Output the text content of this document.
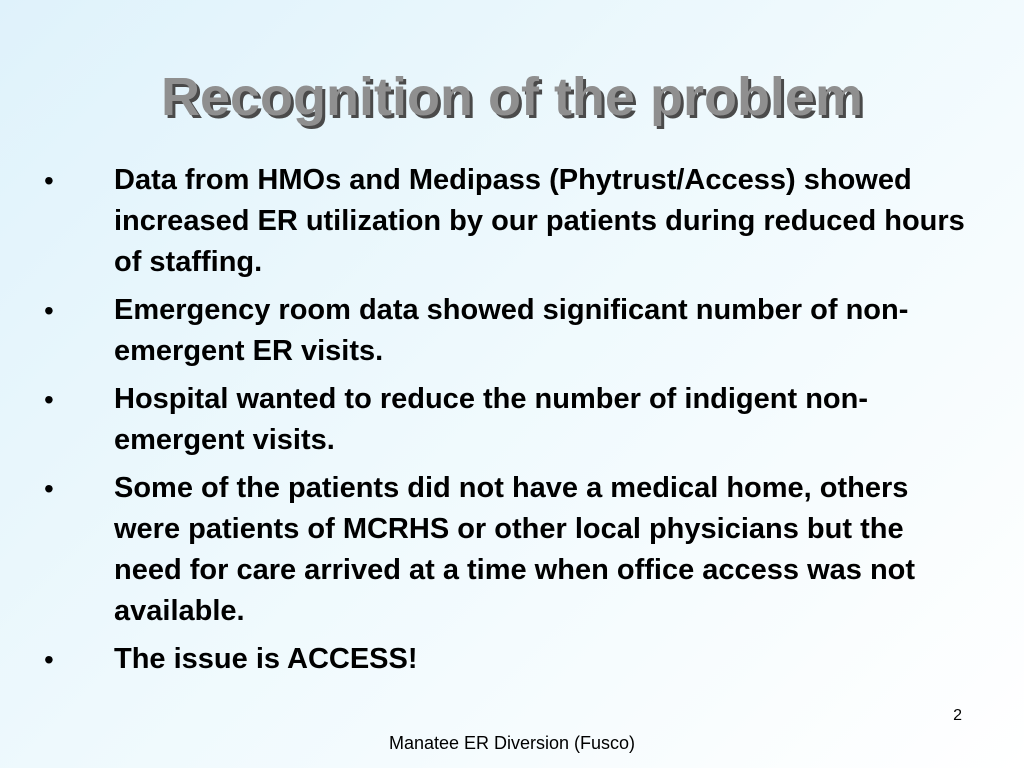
Recognition of the problem
• Data from HMOs and Medipass (Phytrust/Access) showed increased ER utilization by our patients during reduced hours of staffing.
• Emergency room data showed significant number of non-emergent ER visits.
• Hospital wanted to reduce the number of indigent non-emergent visits.
• Some of the patients did not have a medical home, others were patients of MCRHS or other local physicians but the need for care arrived at a time when office access was not available.
• The issue is ACCESS!
2
Manatee ER Diversion (Fusco)
